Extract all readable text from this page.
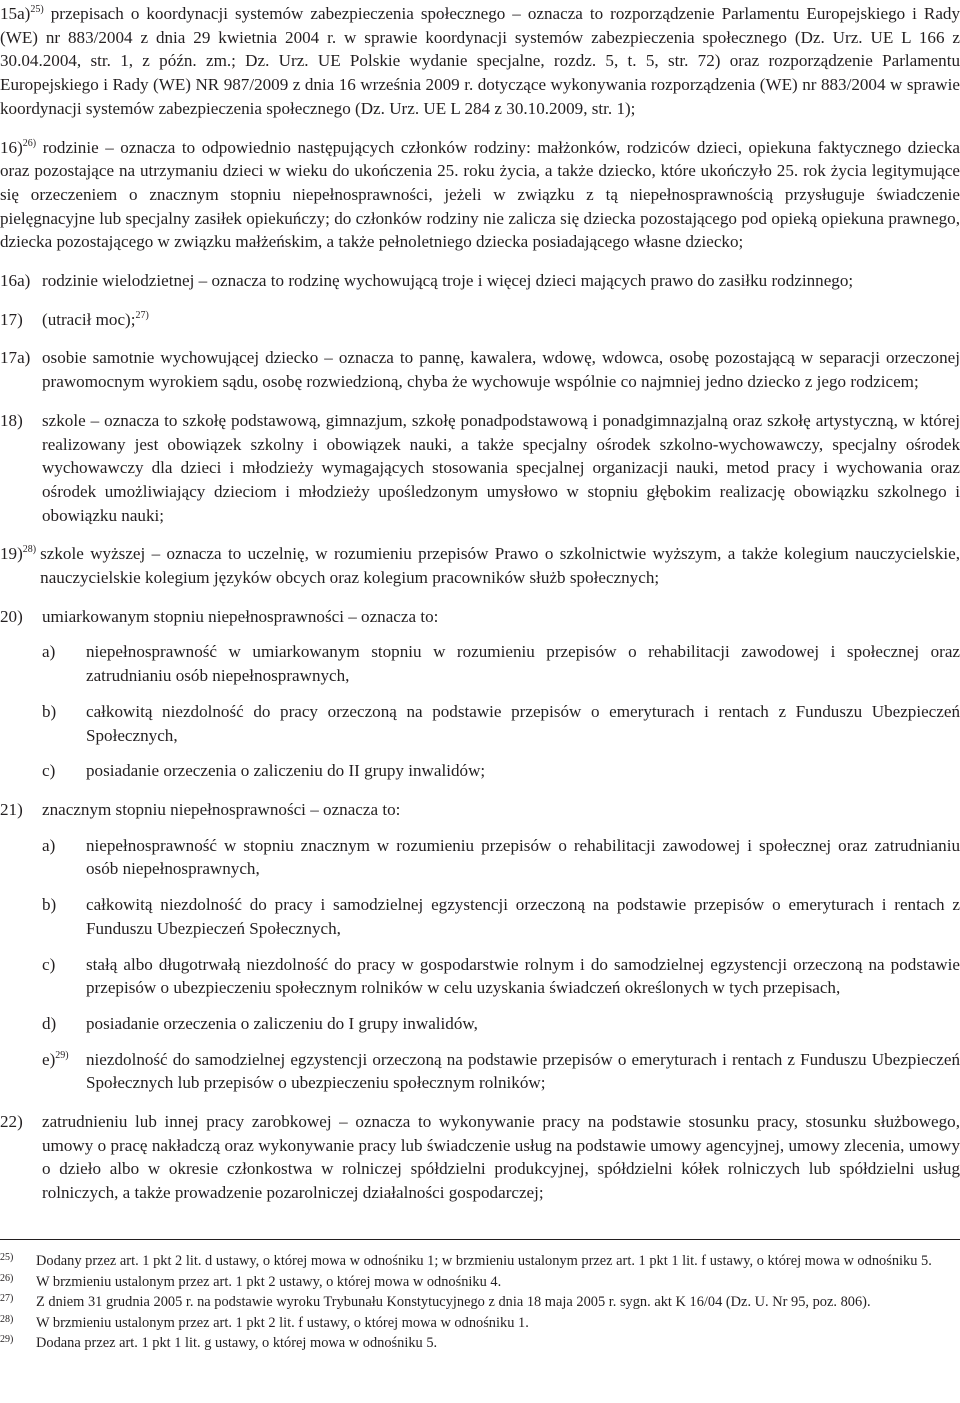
15a)$^{25)}$ przepisach o koordynacji systemów zabezpieczenia społecznego – oznacza to rozporządzenie Parlamentu Europejskiego i Rady (WE) nr 883/2004 z dnia 29 kwietnia 2004 r. w sprawie koordynacji systemów zabezpieczenia społecznego (Dz. Urz. UE L 166 z 30.04.2004, str. 1, z późn. zm.; Dz. Urz. UE Polskie wydanie specjalne, rozdz. 5, t. 5, str. 72) oraz rozporządzenie Parlamentu Europejskiego i Rady (WE) NR 987/2009 z dnia 16 września 2009 r. dotyczące wykonywania rozporządzenia (WE) nr 883/2004 w sprawie koordynacji systemów zabezpieczenia społecznego (Dz. Urz. UE L 284 z 30.10.2009, str. 1);
16)$^{26)}$ rodzinie – oznacza to odpowiednio następujących członków rodziny: małżonków, rodziców dzieci, opiekuna faktycznego dziecka oraz pozostające na utrzymaniu dzieci w wieku do ukończenia 25. roku życia, a także dziecko, które ukończyło 25. rok życia legitymujące się orzeczeniem o znacznym stopniu niepełnosprawności, jeżeli w związku z tą niepełnosprawnością przysługuje świadczenie pielęgnacyjne lub specjalny zasiłek opiekuńczy; do członków rodziny nie zalicza się dziecka pozostającego pod opieką opiekuna prawnego, dziecka pozostającego w związku małżeńskim, a także pełnoletniego dziecka posiadającego własne dziecko;
16a) rodzinie wielodzietnej – oznacza to rodzinę wychowującą troje i więcej dzieci mających prawo do zasiłku rodzinnego;
17)	(utracił moc);$^{27)}$
17a) osobie samotnie wychowującej dziecko – oznacza to pannę, kawalera, wdowę, wdowca, osobę pozostającą w separacji orzeczonej prawomocnym wyrokiem sądu, osobę rozwiedzioną, chyba że wychowuje wspólnie co najmniej jedno dziecko z jego rodzicem;
18)	szkole – oznacza to szkołę podstawową, gimnazjum, szkołę ponadpodstawową i ponadgimnazjalną oraz szkołę artystyczną, w której realizowany jest obowiązek szkolny i obowiązek nauki, a także specjalny ośrodek szkolno-wychowawczy, specjalny ośrodek wychowawczy dla dzieci i młodzieży wymagających stosowania specjalnej organizacji nauki, metod pracy i wychowania oraz ośrodek umożliwiający dzieciom i młodzieży upośledzonym umysłowo w stopniu głębokim realizację obowiązku szkolnego i obowiązku nauki;
19)$^{28)}$ szkole wyższej – oznacza to uczelnię, w rozumieniu przepisów Prawo o szkolnictwie wyższym, a także kolegium nauczycielskie, nauczycielskie kolegium języków obcych oraz kolegium pracowników służb społecznych;
20)	umiarkowanym stopniu niepełnosprawności – oznacza to:
a)	niepełnosprawność w umiarkowanym stopniu w rozumieniu przepisów o rehabilitacji zawodowej i społecznej oraz zatrudnianiu osób niepełnosprawnych,
b)	całkowitą niezdolność do pracy orzeczoną na podstawie przepisów o emeryturach i rentach z Funduszu Ubezpieczeń Społecznych,
c)	posiadanie orzeczenia o zaliczeniu do II grupy inwalidów;
21)	znacznym stopniu niepełnosprawności – oznacza to:
a)	niepełnosprawność w stopniu znacznym w rozumieniu przepisów o rehabilitacji zawodowej i społecznej oraz zatrudnianiu osób niepełnosprawnych,
b)	całkowitą niezdolność do pracy i samodzielnej egzystencji orzeczoną na podstawie przepisów o emeryturach i rentach z Funduszu Ubezpieczeń Społecznych,
c)	stałą albo długotrwałą niezdolność do pracy w gospodarstwie rolnym i do samodzielnej egzystencji orzeczoną na podstawie przepisów o ubezpieczeniu społecznym rolników w celu uzyskania świadczeń określonych w tych przepisach,
d)	posiadanie orzeczenia o zaliczeniu do I grupy inwalidów,
e)$^{29)}$	niezdolność do samodzielnej egzystencji orzeczoną na podstawie przepisów o emeryturach i rentach z Funduszu Ubezpieczeń Społecznych lub przepisów o ubezpieczeniu społecznym rolników;
22)	zatrudnieniu lub innej pracy zarobkowej – oznacza to wykonywanie pracy na podstawie stosunku pracy, stosunku służbowego, umowy o pracę nakładczą oraz wykonywanie pracy lub świadczenie usług na podstawie umowy agencyjnej, umowy zlecenia, umowy o dzieło albo w okresie członkostwa w rolniczej spółdzielni produkcyjnej, spółdzielni kółek rolniczych lub spółdzielni usług rolniczych, a także prowadzenie pozarolniczej działalności gospodarczej;
25)	Dodany przez art. 1 pkt 2 lit. d ustawy, o której mowa w odnośniku 1; w brzmieniu ustalonym przez art. 1 pkt 1 lit. f ustawy, o której mowa w odnośniku 5.
26)	W brzmieniu ustalonym przez art. 1 pkt 2 ustawy, o której mowa w odnośniku 4.
27)	Z dniem 31 grudnia 2005 r. na podstawie wyroku Trybunału Konstytucyjnego z dnia 18 maja 2005 r. sygn. akt K 16/04 (Dz. U. Nr 95, poz. 806).
28)	W brzmieniu ustalonym przez art. 1 pkt 2 lit. f ustawy, o której mowa w odnośniku 1.
29)	Dodana przez art. 1 pkt 1 lit. g ustawy, o której mowa w odnośniku 5.
